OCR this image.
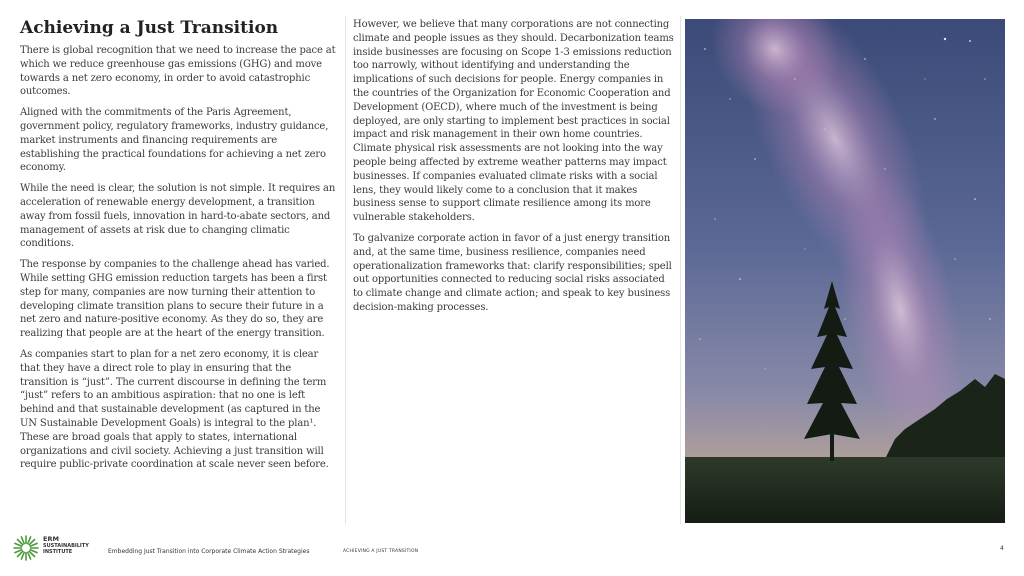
Achieving a Just Transition

There is global recognition that we need to increase the pace at which we reduce greenhouse gas emissions (GHG) and move towards a net zero economy, in order to avoid catastrophic outcomes.

Aligned with the commitments of the Paris Agreement, government policy, regulatory frameworks, industry guidance, market instruments and financing requirements are establishing the practical foundations for achieving a net zero economy.

While the need is clear, the solution is not simple. It requires an acceleration of renewable energy development, a transition away from fossil fuels, innovation in hard-to-abate sectors, and management of assets at risk due to changing climatic conditions.

The response by companies to the challenge ahead has varied. While setting GHG emission reduction targets has been a first step for many, companies are now turning their attention to developing climate transition plans to secure their future in a net zero and nature-positive economy. As they do so, they are realizing that people are at the heart of the energy transition.

As companies start to plan for a net zero economy, it is clear that they have a direct role to play in ensuring that the transition is “just”. The current discourse in defining the term “just” refers to an ambitious aspiration: that no one is left behind and that sustainable development (as captured in the UN Sustainable Development Goals) is integral to the plan¹. These are broad goals that apply to states, international organizations and civil society. Achieving a just transition will require public-private coordination at scale never seen before.

However, we believe that many corporations are not connecting climate and people issues as they should. Decarbonization teams inside businesses are focusing on Scope 1-3 emissions reduction too narrowly, without identifying and understanding the implications of such decisions for people. Energy companies in the countries of the Organization for Economic Cooperation and Development (OECD), where much of the investment is being deployed, are only starting to implement best practices in social impact and risk management in their own home countries. Climate physical risk assessments are not looking into the way people being affected by extreme weather patterns may impact businesses. If companies evaluated climate risks with a social lens, they would likely come to a conclusion that it makes business sense to support climate resilience among its more vulnerable stakeholders.

To galvanize corporate action in favor of a just energy transition and, at the same time, business resilience, companies need operationalization frameworks that: clarify responsibilities; spell out opportunities connected to reducing social risks associated to climate change and climate action; and speak to key business decision-making processes.

ERM
SUSTAINABILITY
INSTITUTE	Embedding Just Transition into Corporate Climate Action Strategies	ACHIEVING A JUST TRANSITION	4
